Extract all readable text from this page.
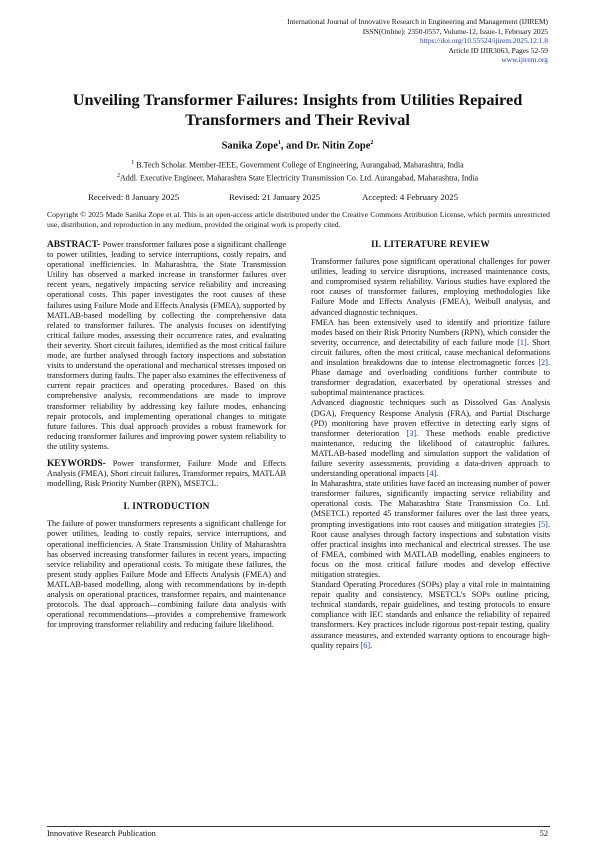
International Journal of Innovative Research in Engineering and Management (IJIREM)
ISSN(Online): 2350-0557, Volume-12, Issue-1, February 2025
https://doi.org/10.55524/ijirem.2025.12.1.8
Article ID IJIR3063, Pages 52-59
www.ijirem.org
Unveiling Transformer Failures: Insights from Utilities Repaired Transformers and Their Revival
Sanika Zope$^1$, and Dr. Nitin Zope$^2$
$^1$ B.Tech Scholar. Member-IEEE, Government College of Engineering, Aurangabad, Maharashtra, India
$^2$Addl. Executive Engineer, Maharashtra State Electricity Transmission Co. Ltd. Aurangabad, Maharashtra, India
Received: 8 January 2025	Revised: 21 January 2025	Accepted: 4 February 2025
Copyright © 2025 Made Sanika Zope et al. This is an open-access article distributed under the Creative Commons Attribution License, which permits unrestricted use, distribution, and reproduction in any medium, provided the original work is properly cited.

ABSTRACT- Power transformer failures pose a significant challenge to power utilities, leading to service interruptions, costly repairs, and operational inefficiencies. In Maharashtra, the State Transmission Utility has observed a marked increase in transformer failures over recent years, negatively impacting service reliability and increasing operational costs. This paper investigates the root causes of these failures using Failure Mode and Effects Analysis (FMEA), supported by MATLAB-based modelling by collecting the comprehensive data related to transformer failures. The analysis focuses on identifying critical failure modes, assessing their occurrence rates, and evaluating their severity. Short circuit failures, identified as the most critical failure mode, are further analysed through factory inspections and substation visits to understand the operational and mechanical stresses imposed on transformers during faults. The paper also examines the effectiveness of current repair practices and operating procedures. Based on this comprehensive analysis, recommendations are made to improve transformer reliability by addressing key failure modes, enhancing repair protocols, and implementing operational changes to mitigate future failures. This dual approach provides a robust framework for reducing transformer failures and improving power system reliability to the utility systems.

KEYWORDS- Power transformer, Failure Mode and Effects Analysis (FMEA), Short circuit failures, Transformer repairs, MATLAB modelling, Risk Priority Number (RPN), MSETCL.

I. INTRODUCTION

The failure of power transformers represents a significant challenge for power utilities, leading to costly repairs, service interruptions, and operational inefficiencies. A State Transmission Utility of Maharashtra has observed increasing transformer failures in recent years, impacting service reliability and operational costs. To mitigate these failures, the present study applies Failure Mode and Effects Analysis (FMEA) and MATLAB-based modelling, along with recommendations by in-depth analysis on operational practices, transformer repairs, and maintenance protocols. The dual approach—combining failure data analysis with operational recommendations—provides a comprehensive framework for improving transformer reliability and reducing failure likelihood.

II. LITERATURE REVIEW

Transformer failures pose significant operational challenges for power utilities, leading to service disruptions, increased maintenance costs, and compromised system reliability. Various studies have explored the root causes of transformer failures, employing methodologies like Failure Mode and Effects Analysis (FMEA), Weibull analysis, and advanced diagnostic techniques.

FMEA has been extensively used to identify and prioritize failure modes based on their Risk Priority Numbers (RPN), which consider the severity, occurrence, and detectability of each failure mode [1]. Short circuit failures, often the most critical, cause mechanical deformations and insulation breakdowns due to intense electromagnetic forces [2]. Phase damage and overloading conditions further contribute to transformer degradation, exacerbated by operational stresses and suboptimal maintenance practices.

Advanced diagnostic techniques such as Dissolved Gas Analysis (DGA), Frequency Response Analysis (FRA), and Partial Discharge (PD) monitoring have proven effective in detecting early signs of transformer deterioration [3]. These methods enable predictive maintenance, reducing the likelihood of catastrophic failures. MATLAB-based modelling and simulation support the validation of failure severity assessments, providing a data-driven approach to understanding operational impacts [4].

In Maharashtra, state utilities have faced an increasing number of power transformer failures, significantly impacting service reliability and operational costs. The Maharashtra State Transmission Co. Ltd. (MSETCL) reported 45 transformer failures over the last three years, prompting investigations into root causes and mitigation strategies [5]. Root cause analyses through factory inspections and substation visits offer practical insights into mechanical and electrical stresses. The use of FMEA, combined with MATLAB modelling, enables engineers to focus on the most critical failure modes and develop effective mitigation strategies.

Standard Operating Procedures (SOPs) play a vital role in maintaining repair quality and consistency. MSETCL’s SOPs outline pricing, technical standards, repair guidelines, and testing protocols to ensure compliance with IEC standards and enhance the reliability of repaired transformers. Key practices include rigorous post-repair testing, quality assurance measures, and extended warranty options to encourage high-quality repairs [6].

Innovative Research Publication	52
